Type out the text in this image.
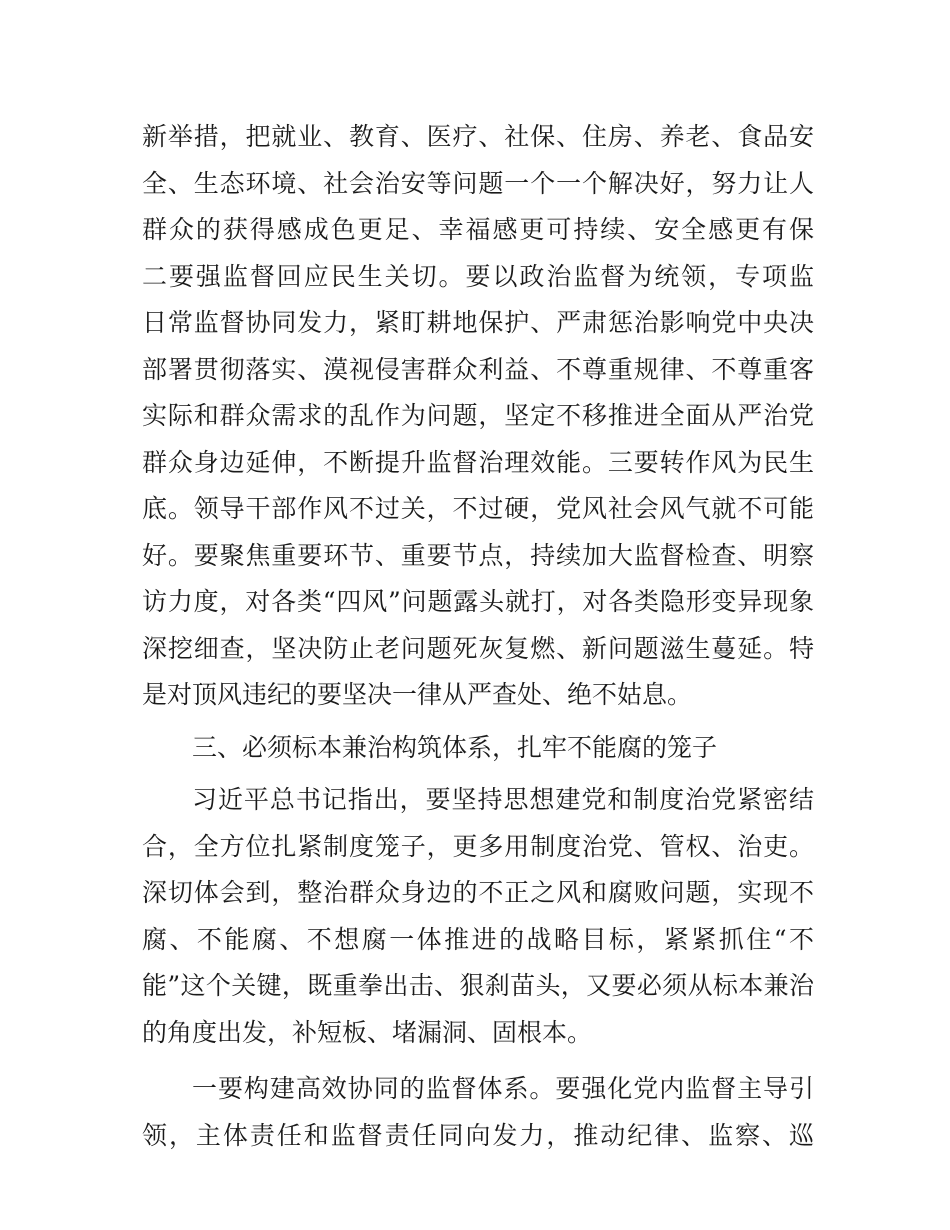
新举措，把就业、教育、医疗、社保、住房、养老、食品安
全、生态环境、社会治安等问题一个一个解决好，努力让人
群众的获得感成色更足、幸福感更可持续、安全感更有保
二要强监督回应民生关切。要以政治监督为统领，专项监
日常监督协同发力，紧盯耕地保护、严肃惩治影响党中央决
部署贯彻落实、漠视侵害群众利益、不尊重规律、不尊重客
实际和群众需求的乱作为问题，坚定不移推进全面从严治党
群众身边延伸，不断提升监督治理效能。三要转作风为民生
底。领导干部作风不过关，不过硬，党风社会风气就不可能
好。要聚焦重要环节、重要节点，持续加大监督检查、明察
访力度，对各类“四风”问题露头就打，对各类隐形变异现象
深挖细查，坚决防止老问题死灰复燃、新问题滋生蔓延。特
是对顶风违纪的要坚决一律从严查处、绝不姑息。
三、必须标本兼治构筑体系，扎牢不能腐的笼子
习近平总书记指出，要坚持思想建党和制度治党紧密结
合，全方位扎紧制度笼子，更多用制度治党、管权、治吏。
深切体会到，整治群众身边的不正之风和腐败问题，实现不
腐、不能腐、不想腐一体推进的战略目标，紧紧抓住“不
能”这个关键，既重拳出击、狠刹苗头，又要必须从标本兼治
的角度出发，补短板、堵漏洞、固根本。
一要构建高效协同的监督体系。要强化党内监督主导引
领，主体责任和监督责任同向发力，推动纪律、监察、巡
